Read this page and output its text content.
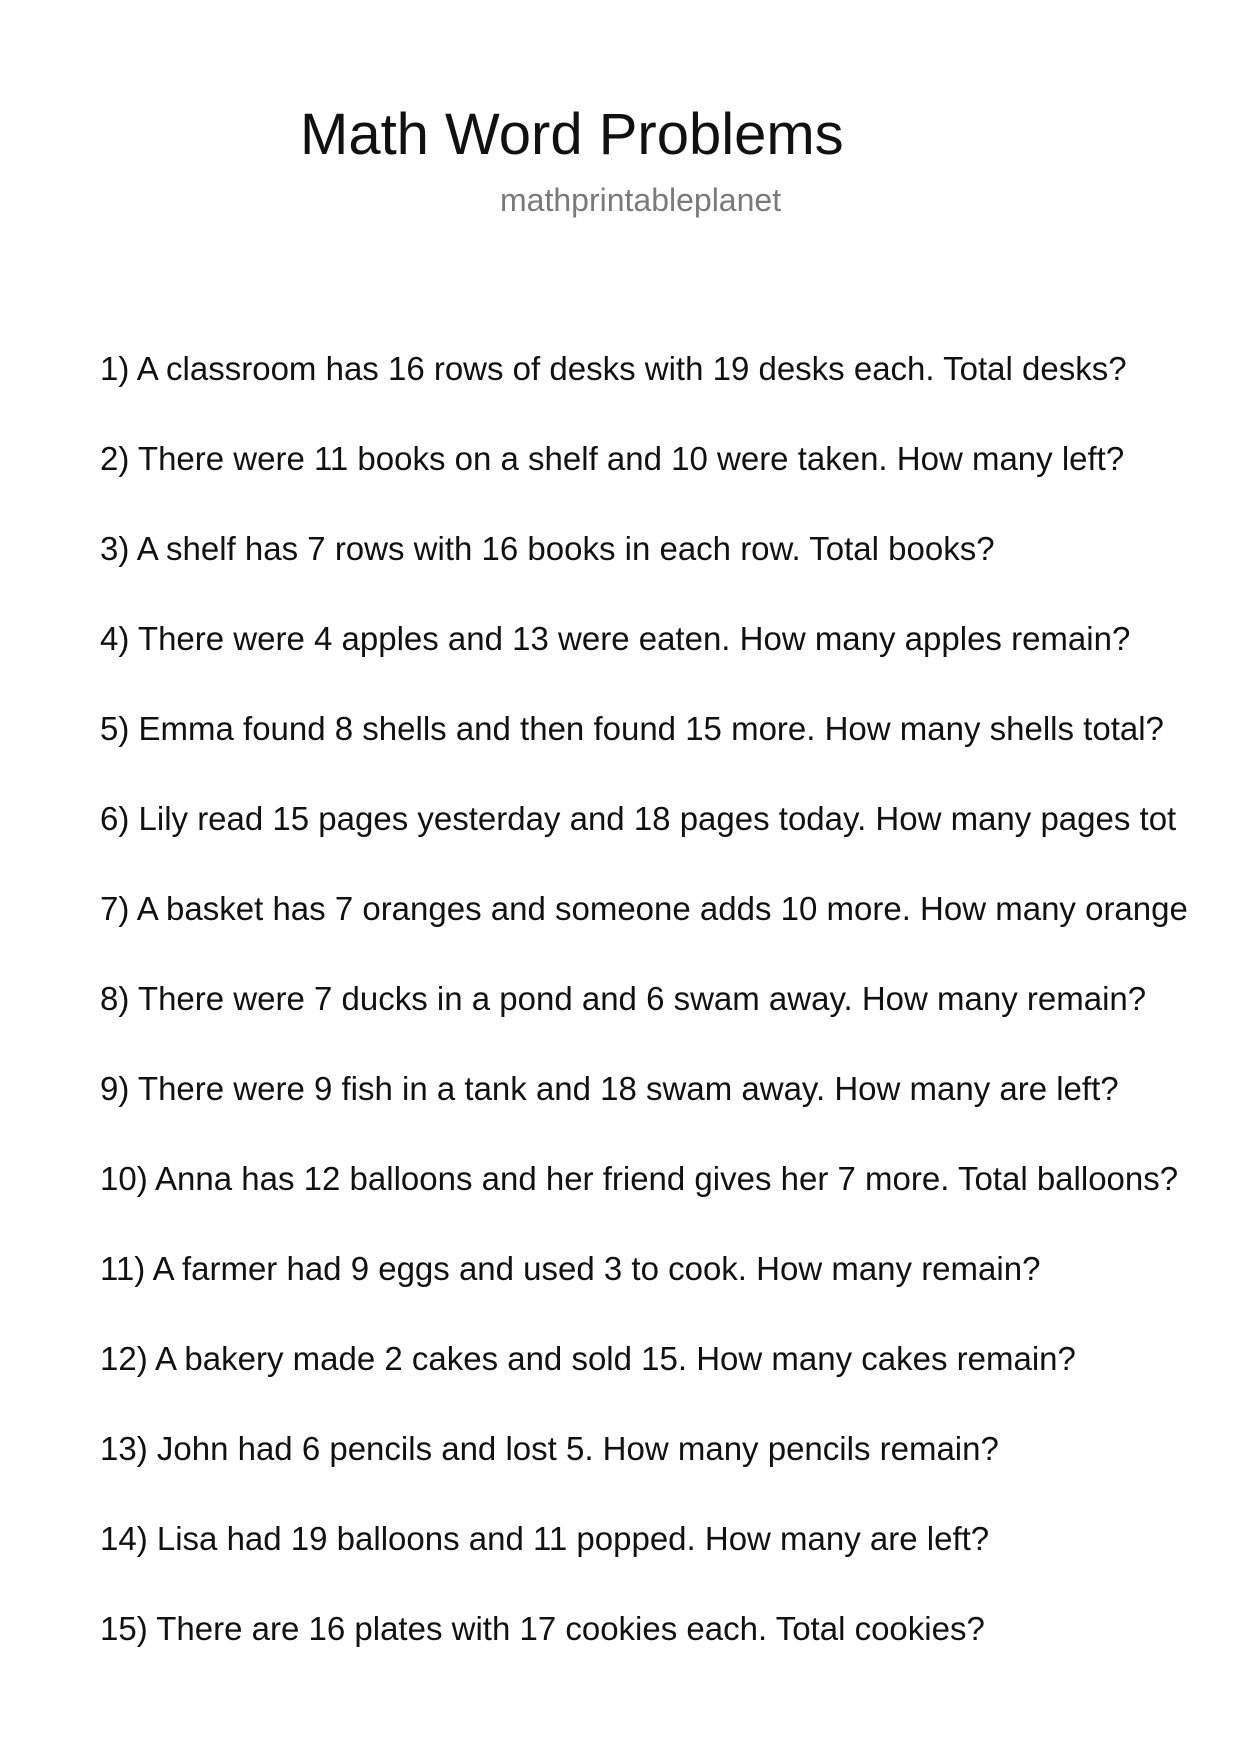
Math Word Problems
mathprintableplanet
1) A classroom has 16 rows of desks with 19 desks each. Total desks?
2) There were 11 books on a shelf and 10 were taken. How many left?
3) A shelf has 7 rows with 16 books in each row. Total books?
4) There were 4 apples and 13 were eaten. How many apples remain?
5) Emma found 8 shells and then found 15 more. How many shells total?
6) Lily read 15 pages yesterday and 18 pages today. How many pages tot
7) A basket has 7 oranges and someone adds 10 more. How many orange
8) There were 7 ducks in a pond and 6 swam away. How many remain?
9) There were 9 fish in a tank and 18 swam away. How many are left?
10) Anna has 12 balloons and her friend gives her 7 more. Total balloons?
11) A farmer had 9 eggs and used 3 to cook. How many remain?
12) A bakery made 2 cakes and sold 15. How many cakes remain?
13) John had 6 pencils and lost 5. How many pencils remain?
14) Lisa had 19 balloons and 11 popped. How many are left?
15) There are 16 plates with 17 cookies each. Total cookies?
